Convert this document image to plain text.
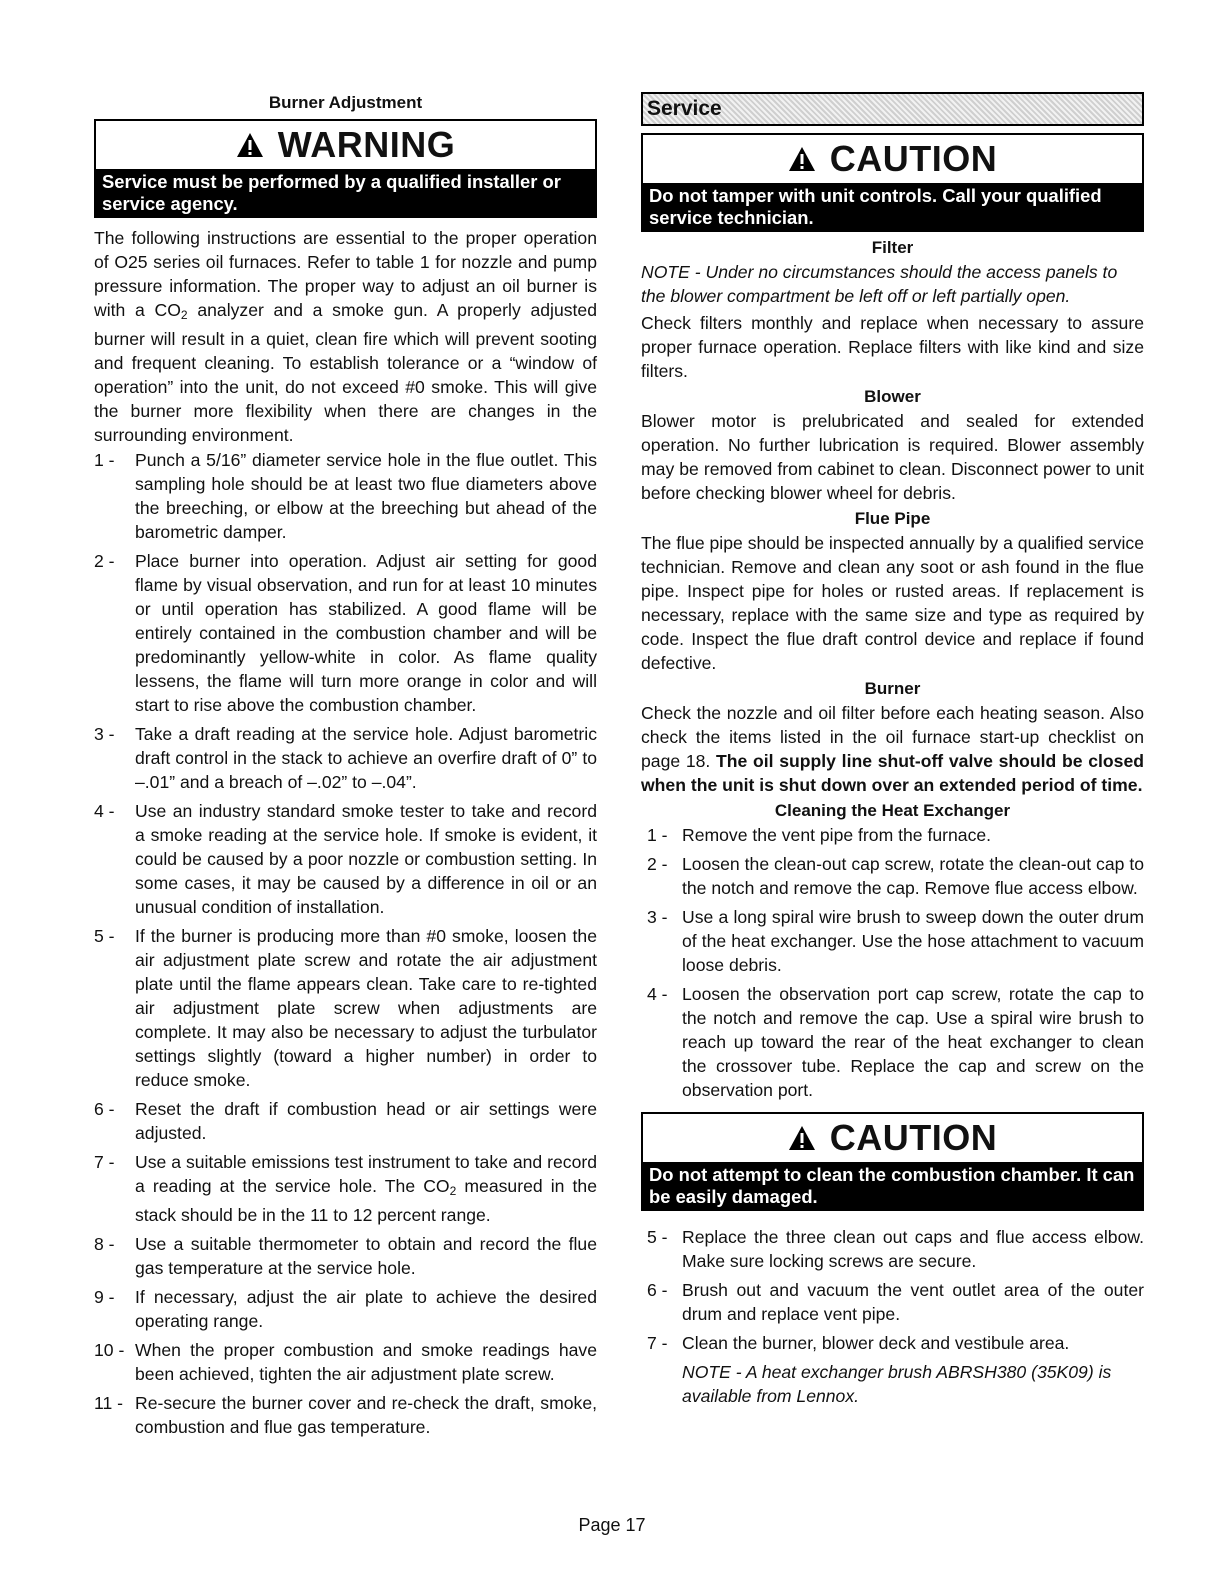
Burner Adjustment
WARNING
Service must be performed by a qualified installer or service agency.

The following instructions are essential to the proper operation of O25 series oil furnaces. Refer to table 1 for nozzle and pump pressure information. The proper way to adjust an oil burner is with a CO2 analyzer and a smoke gun. A properly adjusted burner will result in a quiet, clean fire which will prevent sooting and frequent cleaning. To establish tolerance or a “window of operation” into the unit, do not exceed #0 smoke. This will give the burner more flexibility when there are changes in the surrounding environment.

1 - Punch a 5/16” diameter service hole in the flue outlet. This sampling hole should be at least two flue diameters above the breeching, or elbow at the breeching but ahead of the barometric damper.
2 - Place burner into operation. Adjust air setting for good flame by visual observation, and run for at least 10 minutes or until operation has stabilized. A good flame will be entirely contained in the combustion chamber and will be predominantly yellow-white in color. As flame quality lessens, the flame will turn more orange in color and will start to rise above the combustion chamber.
3 - Take a draft reading at the service hole. Adjust barometric draft control in the stack to achieve an overfire draft of 0” to –.01” and a breach of –.02” to –.04”.
4 - Use an industry standard smoke tester to take and record a smoke reading at the service hole. If smoke is evident, it could be caused by a poor nozzle or combustion setting. In some cases, it may be caused by a difference in oil or an unusual condition of installation.
5 - If the burner is producing more than #0 smoke, loosen the air adjustment plate screw and rotate the air adjustment plate until the flame appears clean. Take care to re-tighted air adjustment plate screw when adjustments are complete. It may also be necessary to adjust the turbulator settings slightly (toward a higher number) in order to reduce smoke.
6 - Reset the draft if combustion head or air settings were adjusted.
7 - Use a suitable emissions test instrument to take and record a reading at the service hole. The CO2 measured in the stack should be in the 11 to 12 percent range.
8 - Use a suitable thermometer to obtain and record the flue gas temperature at the service hole.
9 - If necessary, adjust the air plate to achieve the desired operating range.
10 - When the proper combustion and smoke readings have been achieved, tighten the air adjustment plate screw.
11 - Re-secure the burner cover and re-check the draft, smoke, combustion and flue gas temperature.
Service
CAUTION
Do not tamper with unit controls. Call your qualified service technician.
Filter

NOTE - Under no circumstances should the access panels to the blower compartment be left off or left partially open.

Check filters monthly and replace when necessary to assure proper furnace operation. Replace filters with like kind and size filters.

Blower

Blower motor is prelubricated and sealed for extended operation. No further lubrication is required. Blower assembly may be removed from cabinet to clean. Disconnect power to unit before checking blower wheel for debris.

Flue Pipe

The flue pipe should be inspected annually by a qualified service technician. Remove and clean any soot or ash found in the flue pipe. Inspect pipe for holes or rusted areas. If replacement is necessary, replace with the same size and type as required by code. Inspect the flue draft control device and replace if found defective.

Burner

Check the nozzle and oil filter before each heating season. Also check the items listed in the oil furnace start-up checklist on page 18. The oil supply line shut-off valve should be closed when the unit is shut down over an extended period of time.

Cleaning the Heat Exchanger
1 - Remove the vent pipe from the furnace.
2 - Loosen the clean-out cap screw, rotate the clean-out cap to the notch and remove the cap. Remove flue access elbow.
3 - Use a long spiral wire brush to sweep down the outer drum of the heat exchanger. Use the hose attachment to vacuum loose debris.
4 - Loosen the observation port cap screw, rotate the cap to the notch and remove the cap. Use a spiral wire brush to reach up toward the rear of the heat exchanger to clean the crossover tube. Replace the cap and screw on the observation port.
CAUTION
Do not attempt to clean the combustion chamber. It can be easily damaged.
5 - Replace the three clean out caps and flue access elbow. Make sure locking screws are secure.
6 - Brush out and vacuum the vent outlet area of the outer drum and replace vent pipe.
7 - Clean the burner, blower deck and vestibule area.

NOTE - A heat exchanger brush ABRSH380 (35K09) is available from Lennox.

Page 17
